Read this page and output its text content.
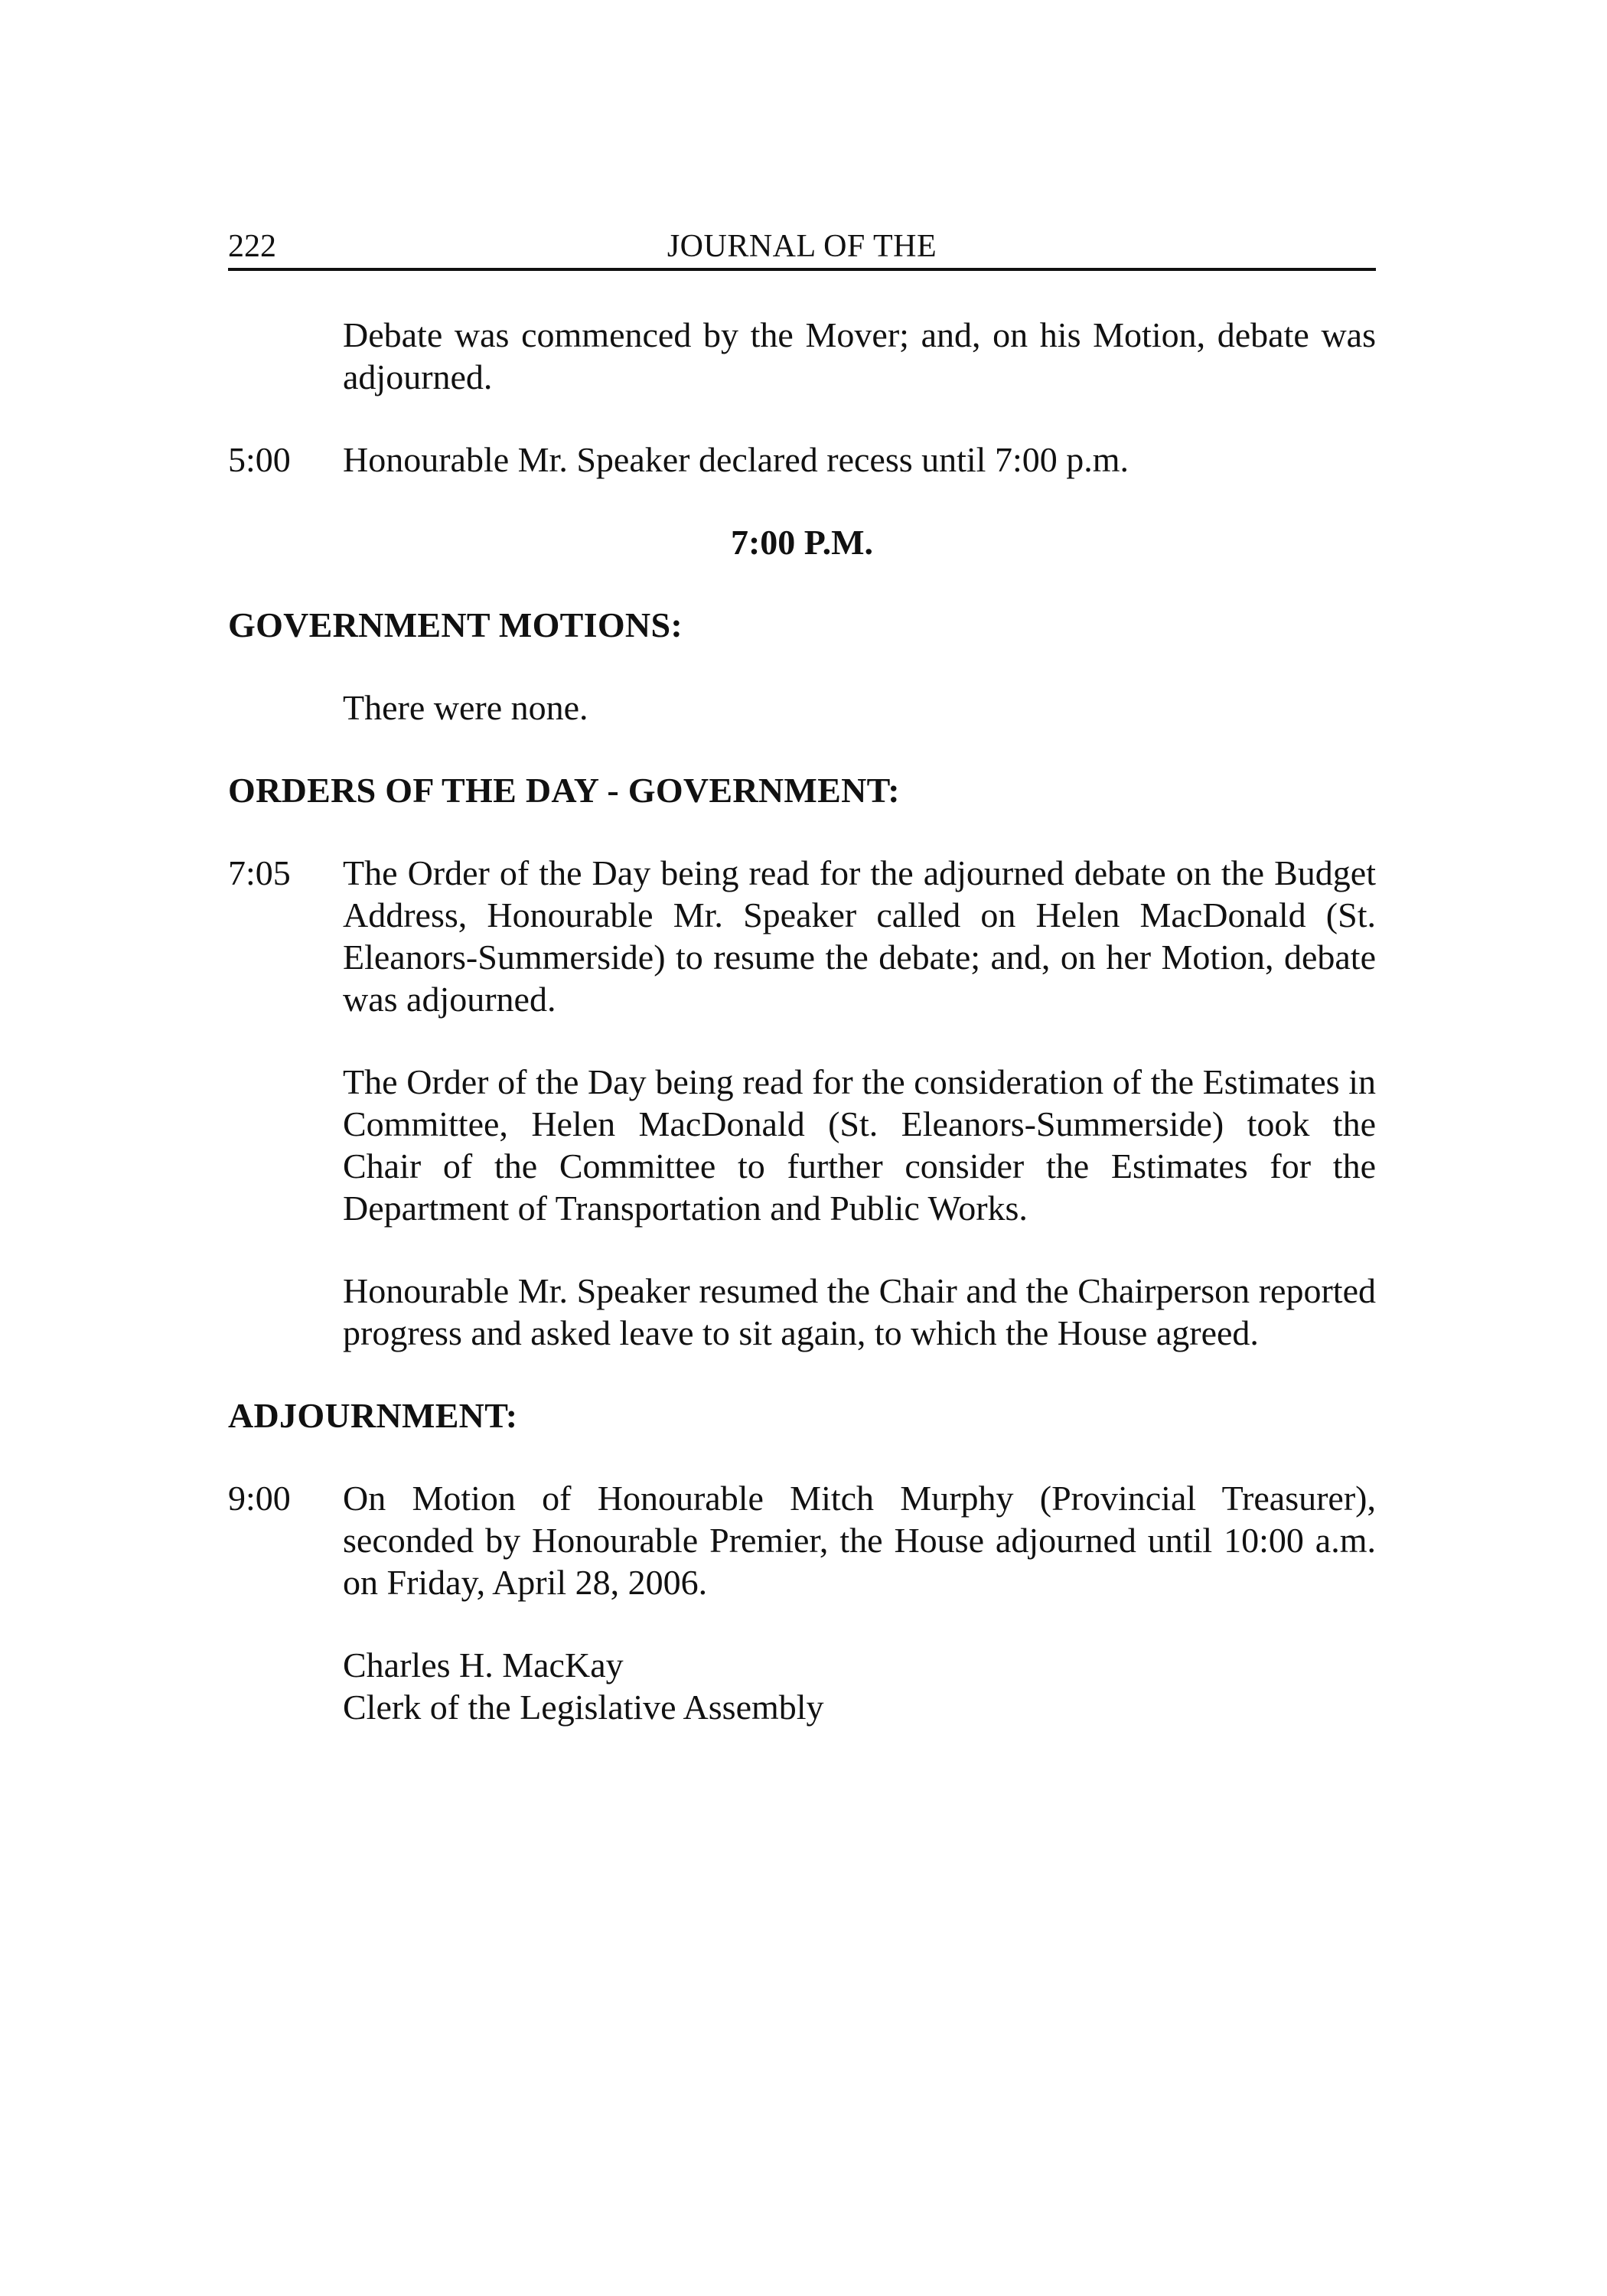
222	JOURNAL OF THE

Debate was commenced by the Mover; and, on his Motion, debate was adjourned.

5:00 Honourable Mr. Speaker declared recess until 7:00 p.m.

7:00 P.M.
GOVERNMENT MOTIONS:

There were none.

ORDERS OF THE DAY - GOVERNMENT:

7:05 The Order of the Day being read for the adjourned debate on the Budget Address, Honourable Mr. Speaker called on Helen MacDonald (St. Eleanors-Summerside) to resume the debate; and, on her Motion, debate was adjourned.

The Order of the Day being read for the consideration of the Estimates in Committee, Helen MacDonald (St. Eleanors-Summerside) took the Chair of the Committee to further consider the Estimates for the Department of Transportation and Public Works.

Honourable Mr. Speaker resumed the Chair and the Chairperson reported progress and asked leave to sit again, to which the House agreed.

ADJOURNMENT:

9:00 On Motion of Honourable Mitch Murphy (Provincial Treasurer), seconded by Honourable Premier, the House adjourned until 10:00 a.m. on Friday, April 28, 2006.

Charles H. MacKay
Clerk of the Legislative Assembly
